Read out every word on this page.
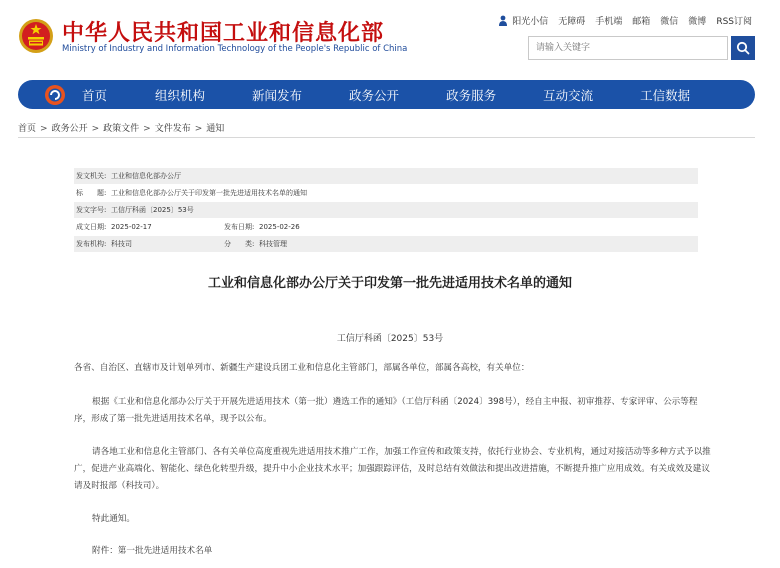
中华人民共和国工业和信息化部
Ministry of Industry and Information Technology of the People's Republic of China
阳光小信 无障碍 手机端 邮箱 微信 微博 RSS订阅
请输入关键字
首页	组织机构	新闻发布	政务公开	政务服务	互动交流	工信数据
首页 > 政务公开 > 政策文件 > 文件发布 > 通知
发文机关: 工业和信息化部办公厅
标　　题: 工业和信息化部办公厅关于印发第一批先进适用技术名单的通知
发文字号: 工信厅科函〔2025〕53号
成文日期: 2025-02-17	发布日期: 2025-02-26
发布机构: 科技司	分　　类: 科技管理
工业和信息化部办公厅关于印发第一批先进适用技术名单的通知
工信厅科函〔2025〕53号
各省、自治区、直辖市及计划单列市、新疆生产建设兵团工业和信息化主管部门，部属各单位，部属各高校，有关单位：
根据《工业和信息化部办公厅关于开展先进适用技术（第一批）遴选工作的通知》（工信厅科函〔2024〕398号），经自主申报、初审推荐、专家评审、公示等程序，形成了第一批先进适用技术名单，现予以公布。
请各地工业和信息化主管部门、各有关单位高度重视先进适用技术推广工作，加强工作宣传和政策支持，依托行业协会、专业机构，通过对接活动等多种方式予以推广，促进产业高端化、智能化、绿色化转型升级，提升中小企业技术水平；加强跟踪评估，及时总结有效做法和提出改进措施，不断提升推广应用成效。有关成效及建议请及时报部（科技司）。
特此通知。
附件：第一批先进适用技术名单
